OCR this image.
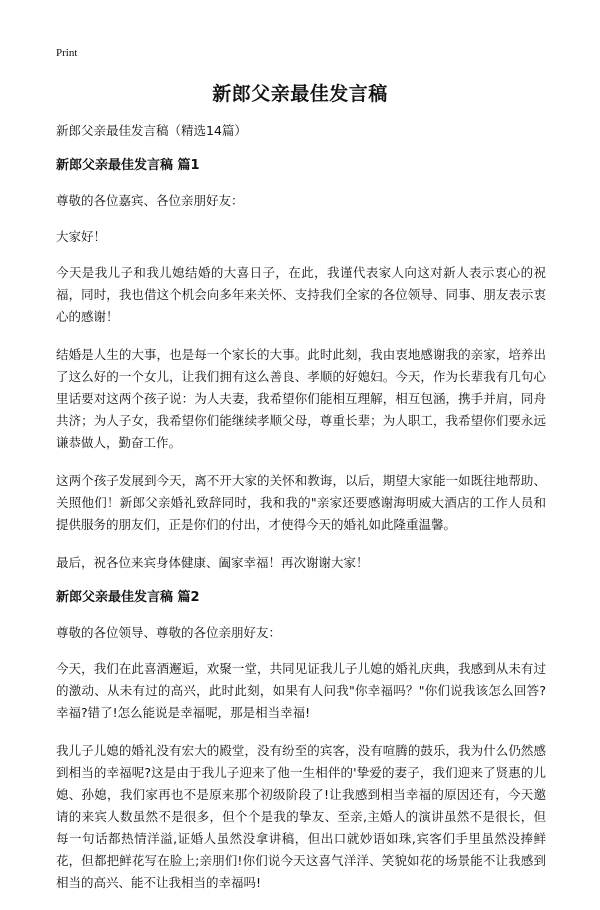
Print
新郎父亲最佳发言稿

新郎父亲最佳发言稿（精选14篇）

新郎父亲最佳发言稿 篇1

尊敬的各位嘉宾、各位亲朋好友：

大家好！

今天是我儿子和我儿媳结婚的大喜日子，在此，我谨代表家人向这对新人表示衷心的祝福，同时，我也借这个机会向多年来关怀、支持我们全家的各位领导、同事、朋友表示衷心的感谢！

结婚是人生的大事，也是每一个家长的大事。此时此刻，我由衷地感谢我的亲家，培养出了这么好的一个女儿，让我们拥有这么善良、孝顺的好媳妇。今天，作为长辈我有几句心里话要对这两个孩子说：为人夫妻，我希望你们能相互理解，相互包涵，携手并肩，同舟共济；为人子女，我希望你们能继续孝顺父母，尊重长辈；为人职工，我希望你们要永远谦恭做人，勤奋工作。

这两个孩子发展到今天，离不开大家的关怀和教诲，以后，期望大家能一如既往地帮助、关照他们！新郎父亲婚礼致辞同时，我和我的"亲家还要感谢海明威大酒店的工作人员和提供服务的朋友们，正是你们的付出，才使得今天的婚礼如此隆重温馨。

最后，祝各位来宾身体健康、阖家幸福！再次谢谢大家！

新郎父亲最佳发言稿 篇2

尊敬的各位领导、尊敬的各位亲朋好友：

今天，我们在此喜酒邂逅，欢聚一堂，共同见证我儿子儿媳的婚礼庆典，我感到从未有过的激动、从未有过的高兴，此时此刻，如果有人问我"你幸福吗？"你们说我该怎么回答?幸福?错了!怎么能说是幸福呢，那是相当幸福!

我儿子儿媳的婚礼没有宏大的殿堂，没有纷至的宾客，没有喧腾的鼓乐，我为什么仍然感到相当的幸福呢?这是由于我儿子迎来了他一生相伴的'挚爱的妻子，我们迎来了贤惠的儿媳、孙媳，我们家再也不是原来那个初级阶段了!让我感到相当幸福的原因还有，今天邀请的来宾人数虽然不是很多，但个个是我的挚友、至亲,主婚人的演讲虽然不是很长，但每一句话都热情洋溢,证婚人虽然没拿讲稿，但出口就妙语如珠,宾客们手里虽然没捧鲜花，但都把鲜花写在脸上;亲朋们!你们说今天这喜气洋洋、笑貌如花的场景能不让我感到相当的高兴、能不让我相当的幸福吗!
